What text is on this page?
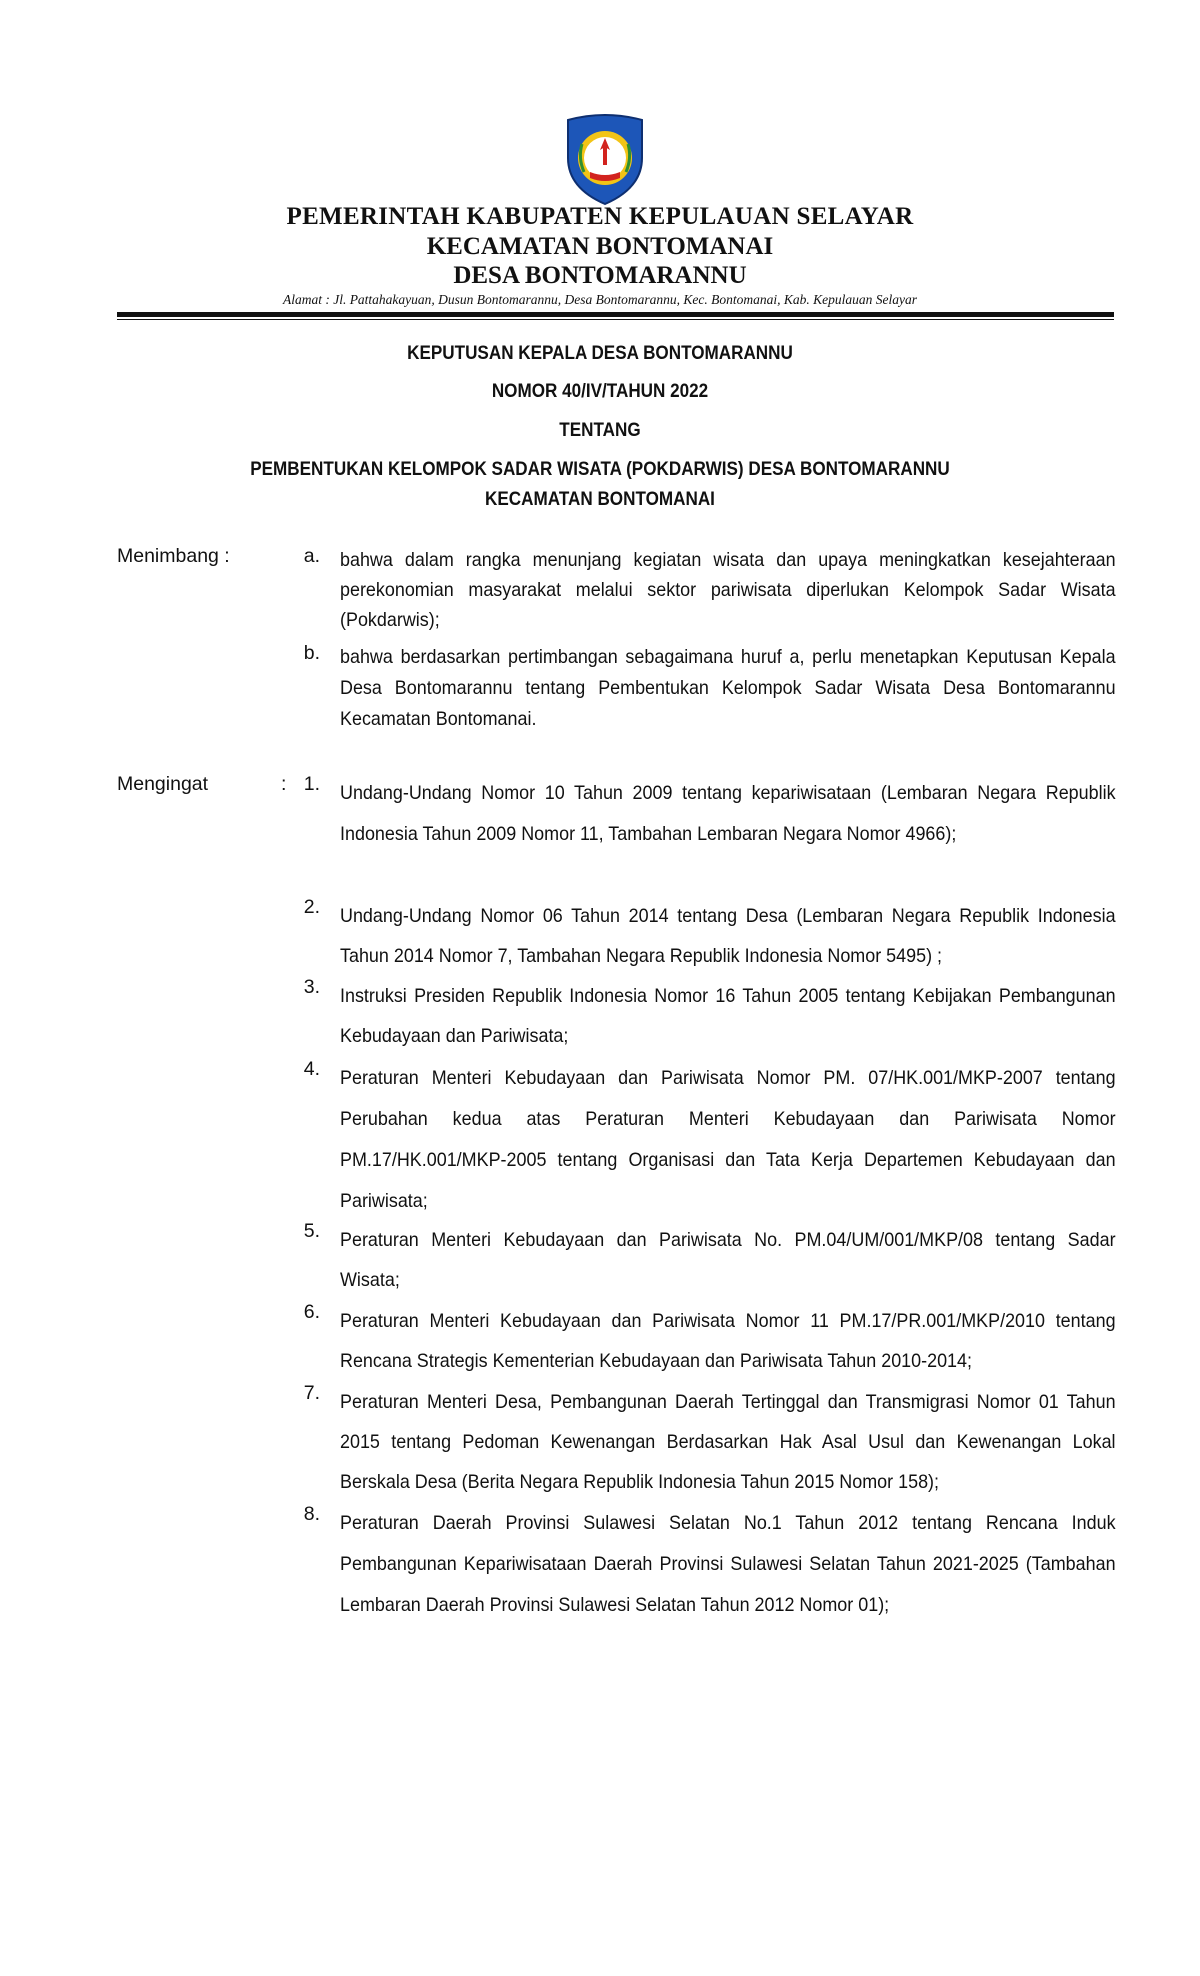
PEMERINTAH KABUPATEN KEPULAUAN SELAYAR
KECAMATAN BONTOMANAI
DESA BONTOMARANNU
Alamat : Jl. Pattahakayuan, Dusun Bontomarannu, Desa Bontomarannu, Kec. Bontomanai, Kab. Kepulauan Selayar
KEPUTUSAN KEPALA DESA BONTOMARANNU
NOMOR 40/IV/TAHUN 2022
TENTANG
PEMBENTUKAN KELOMPOK SADAR WISATA (POKDARWIS) DESA BONTOMARANNU
KECAMATAN BONTOMANAI
Menimbang :	a. bahwa dalam rangka menunjang kegiatan wisata dan upaya meningkatkan kesejahteraan perekonomian masyarakat melalui sektor pariwisata diperlukan Kelompok Sadar Wisata (Pokdarwis);
b. bahwa berdasarkan pertimbangan sebagaimana huruf a, perlu menetapkan Keputusan Kepala Desa Bontomarannu tentang Pembentukan Kelompok Sadar Wisata Desa Bontomarannu Kecamatan Bontomanai.
Mengingat	: 1. Undang-Undang Nomor 10 Tahun 2009 tentang kepariwisataan (Lembaran Negara Republik Indonesia Tahun 2009 Nomor 11, Tambahan Lembaran Negara Nomor 4966);
2. Undang-Undang Nomor 06 Tahun 2014 tentang Desa (Lembaran Negara Republik Indonesia Tahun 2014 Nomor 7, Tambahan Negara Republik Indonesia Nomor 5495) ;
3. Instruksi Presiden Republik Indonesia Nomor 16 Tahun 2005 tentang Kebijakan Pembangunan Kebudayaan dan Pariwisata;
4. Peraturan Menteri Kebudayaan dan Pariwisata Nomor PM. 07/HK.001/MKP-2007 tentang Perubahan kedua atas Peraturan Menteri Kebudayaan dan Pariwisata Nomor PM.17/HK.001/MKP-2005 tentang Organisasi dan Tata Kerja Departemen Kebudayaan dan Pariwisata;
5. Peraturan Menteri Kebudayaan dan Pariwisata No. PM.04/UM/001/MKP/08 tentang Sadar Wisata;
6. Peraturan Menteri Kebudayaan dan Pariwisata Nomor 11 PM.17/PR.001/MKP/2010 tentang Rencana Strategis Kementerian Kebudayaan dan Pariwisata Tahun 2010-2014;
7. Peraturan Menteri Desa, Pembangunan Daerah Tertinggal dan Transmigrasi Nomor 01 Tahun 2015 tentang Pedoman Kewenangan Berdasarkan Hak Asal Usul dan Kewenangan Lokal Berskala Desa (Berita Negara Republik Indonesia Tahun 2015 Nomor 158);
8. Peraturan Daerah Provinsi Sulawesi Selatan No.1 Tahun 2012 tentang Rencana Induk Pembangunan Kepariwisataan Daerah Provinsi Sulawesi Selatan Tahun 2021-2025 (Tambahan Lembaran Daerah Provinsi Sulawesi Selatan Tahun 2012 Nomor 01);
